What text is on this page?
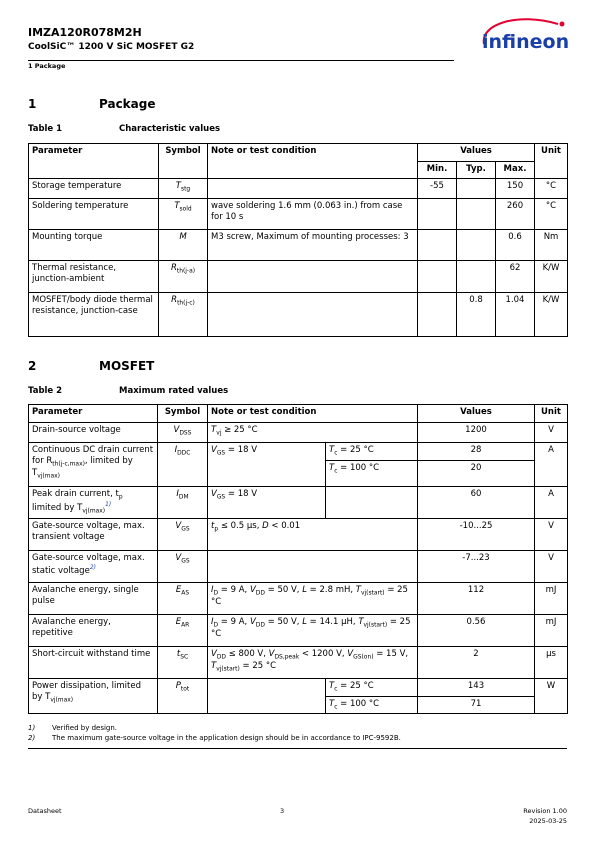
IMZA120R078M2H
CoolSiC™ 1200 V SiC MOSFET G2
1 Package
infineon
1	Package
Table 1	Characteristic values
Parameter	Symbol	Note or test condition	Values			Unit
			Min.	Typ.	Max.	
Storage temperature	$T_{stg}$		-55		150	°C
Soldering temperature	$T_{sold}$	wave soldering 1.6 mm (0.063 in.) from case for 10 s			260	°C
Mounting torque	M	M3 screw, Maximum of mounting processes: 3			0.6	Nm
Thermal resistance, junction-ambient	$R_{th(j-a)}$				62	K/W
MOSFET/body diode thermal resistance, junction-case	$R_{th(j-c)}$			0.8	1.04	K/W
2	MOSFET
Table 2	Maximum rated values
Parameter	Symbol	Note or test condition		Values	Unit
Drain-source voltage	$V_{DSS}$	$T_{vj} \ge 25$ °C		1200	V
Continuous DC drain current for $R_{th(j-c,max)}$, limited by $T_{vj(max)}$	$I_{DDC}$	$V_{GS} = 18$ V	$T_c = 25$ °C	28	A
			$T_c = 100$ °C	20	
Peak drain current, $t_p$ limited by $T_{vj(max)}^{1)}$	$I_{DM}$	$V_{GS} = 18$ V		60	A
Gate-source voltage, max. transient voltage	$V_{GS}$	$t_p \le 0.5$ µs, D < 0.01		-10...25	V
Gate-source voltage, max. static voltage$^{2)}$	$V_{GS}$			-7...23	V
Avalanche energy, single pulse	$E_{AS}$	$I_D = 9$ A, $V_{DD} = 50$ V, L = 2.8 mH, $T_{vj(start)} = 25$ °C		112	mJ
Avalanche energy, repetitive	$E_{AR}$	$I_D = 9$ A, $V_{DD} = 50$ V, L = 14.1 µH, $T_{vj(start)} = 25$ °C		0.56	mJ
Short-circuit withstand time	$t_{SC}$	$V_{DD} \le 800$ V, $V_{DS,peak} < 1200$ V, $V_{GS(on)} = 15$ V, $T_{vj(start)} = 25$ °C		2	µs
Power dissipation, limited by $T_{vj(max)}$	$P_{tot}$		$T_c = 25$ °C	143	W
			$T_c = 100$ °C	71	
1) Verified by design.
2) The maximum gate-source voltage in the application design should be in accordance to IPC-9592B.
Datasheet	3	Revision 1.00
2025-03-25
